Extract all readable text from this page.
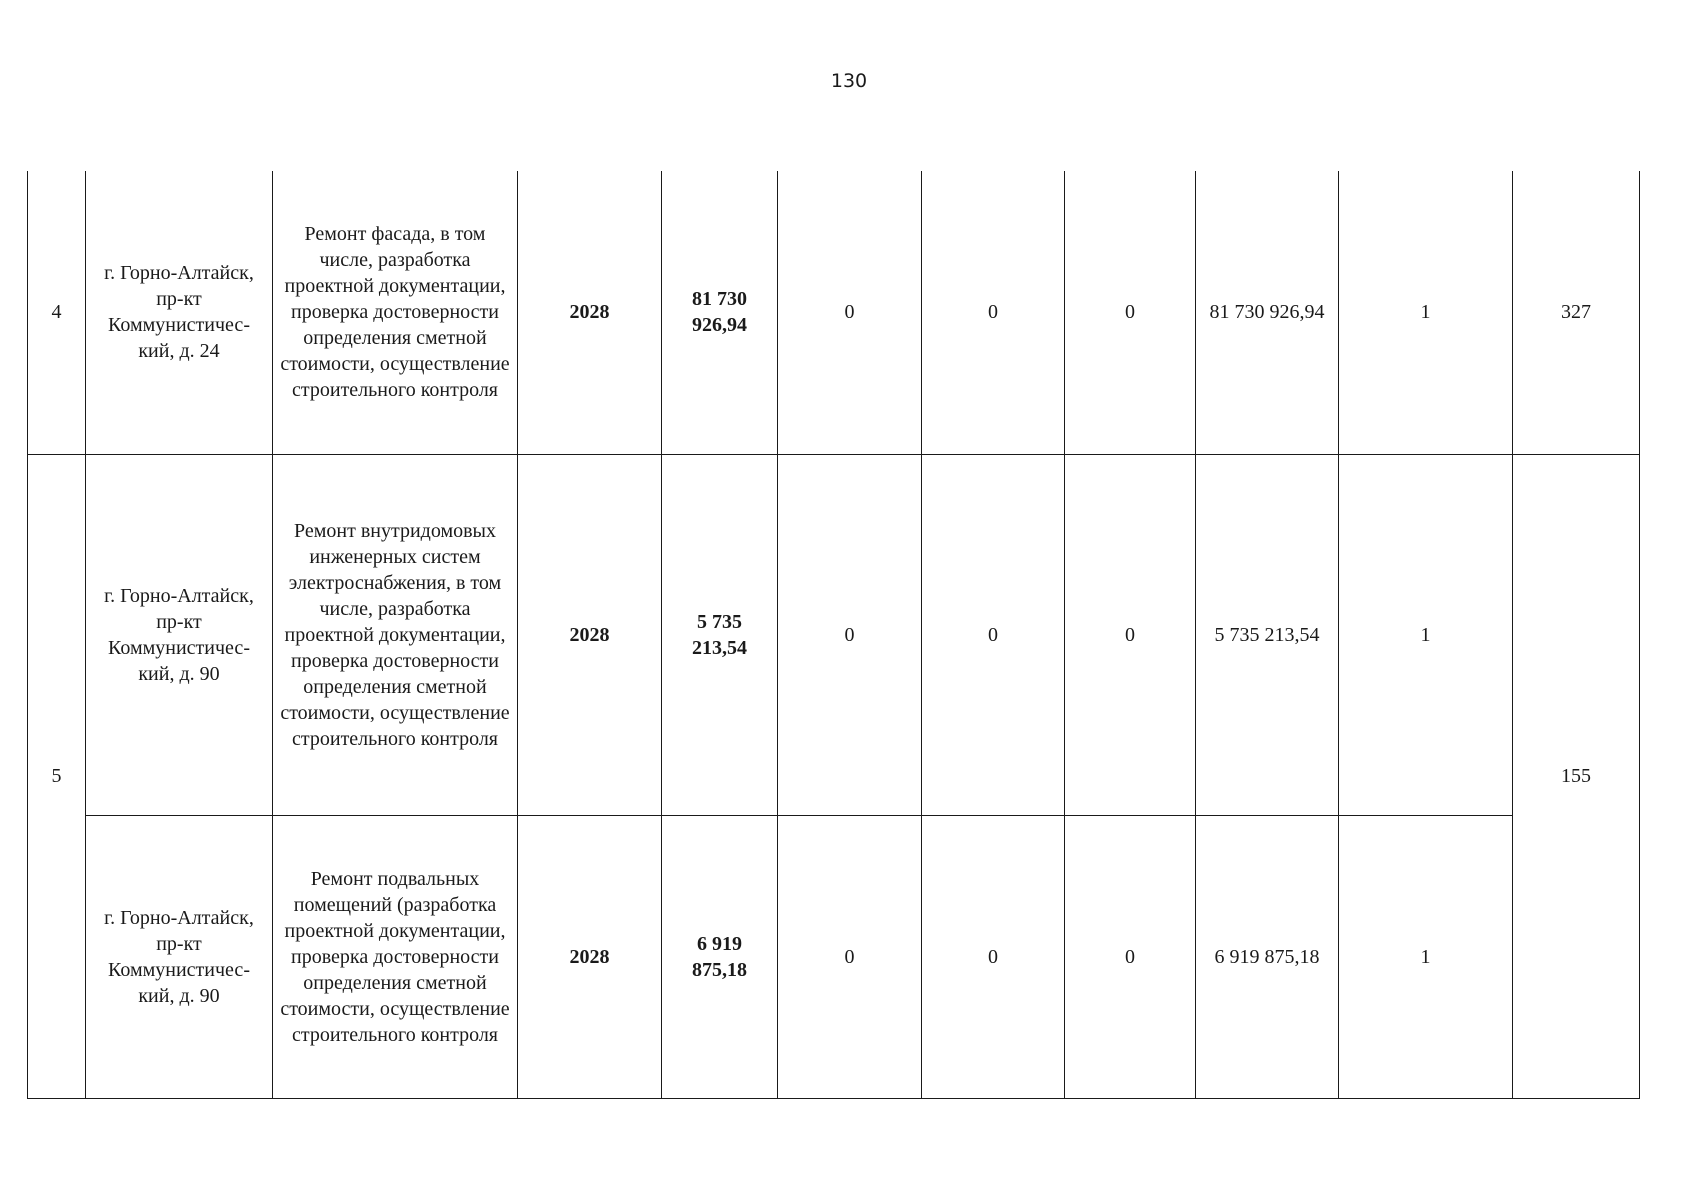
130
4	г. Горно-Алтайск, пр-кт Коммунистичес-кий, д. 24	Ремонт фасада, в том числе, разработка проектной документации, проверка достоверности определения сметной стоимости, осуществление строительного контроля	2028	81 730 926,94	0	0	0	81 730 926,94	1	327
5	г. Горно-Алтайск, пр-кт Коммунистичес-кий, д. 90	Ремонт внутридомовых инженерных систем электроснабжения, в том числе, разработка проектной документации, проверка достоверности определения сметной стоимости, осуществление строительного контроля	2028	5 735 213,54	0	0	0	5 735 213,54	1	155
	г. Горно-Алтайск, пр-кт Коммунистичес-кий, д. 90	Ремонт подвальных помещений (разработка проектной документации, проверка достоверности определения сметной стоимости, осуществление строительного контроля	2028	6 919 875,18	0	0	0	6 919 875,18	1	
